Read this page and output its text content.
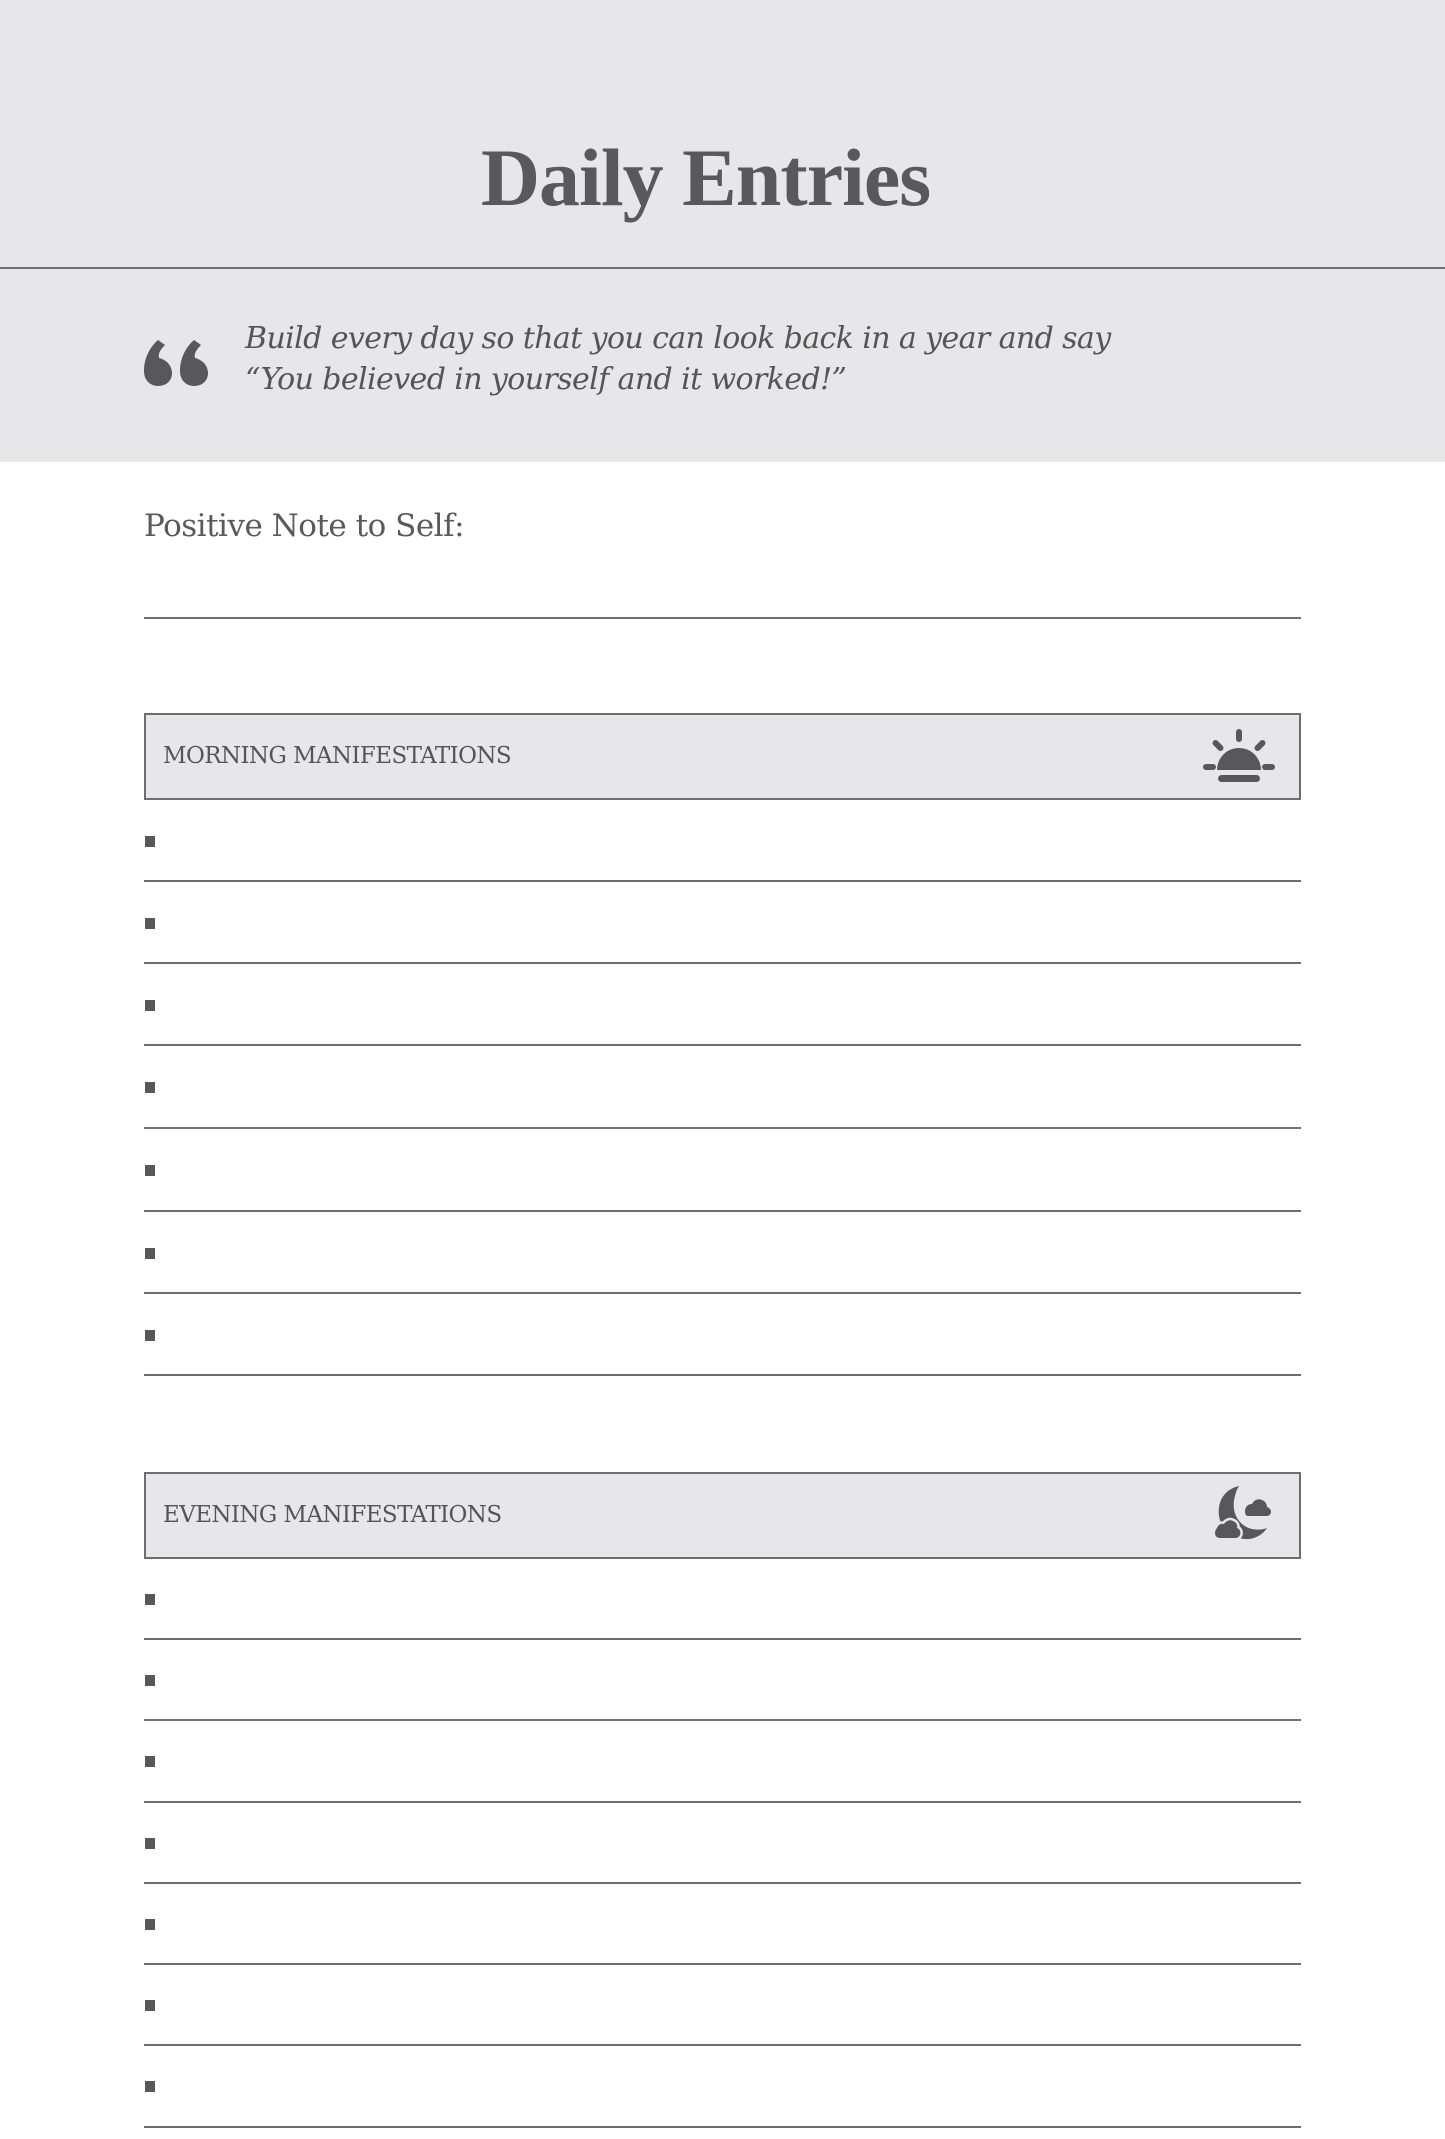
Daily Entries
Build every day so that you can look back in a year and say
“You believed in yourself and it worked!”
Positive Note to Self:
MORNING MANIFESTATIONS
EVENING MANIFESTATIONS
